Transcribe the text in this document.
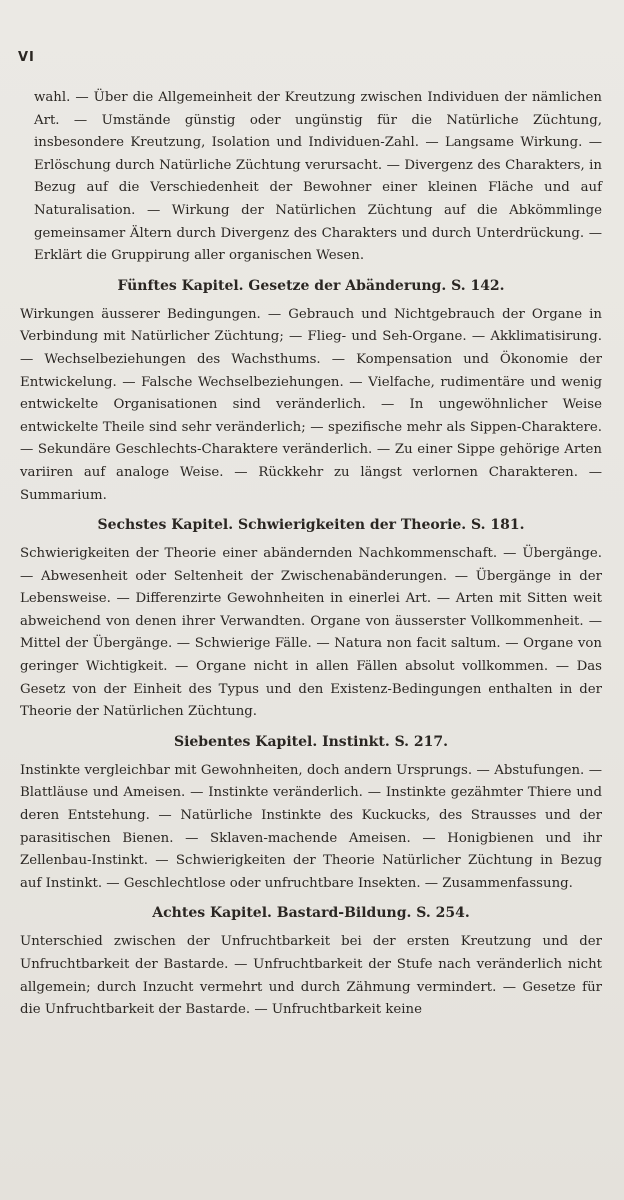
VI

wahl. — Über die Allgemeinheit der Kreutzung zwischen Individuen der nämlichen Art. — Umstände günstig oder ungünstig für die Natürliche Züchtung, insbesondere Kreutzung, Isolation und Individuen-Zahl. — Langsame Wirkung. — Erlöschung durch Natürliche Züchtung verursacht. — Divergenz des Charakters, in Bezug auf die Verschiedenheit der Bewohner einer kleinen Fläche und auf Naturalisation. — Wirkung der Natürlichen Züchtung auf die Abkömmlinge gemeinsamer Ältern durch Divergenz des Charakters und durch Unterdrückung. — Erklärt die Gruppirung aller organischen Wesen.

Fünftes Kapitel. Gesetze der Abänderung. S. 142.

Wirkungen äusserer Bedingungen. — Gebrauch und Nichtgebrauch der Organe in Verbindung mit Natürlicher Züchtung; — Flieg- und Seh-Organe. — Akklimatisirung. — Wechselbeziehungen des Wachsthums. — Kompensation und Ökonomie der Entwickelung. — Falsche Wechselbeziehungen. — Vielfache, rudimentäre und wenig entwickelte Organisationen sind veränderlich. — In ungewöhnlicher Weise entwickelte Theile sind sehr veränderlich; — spezifische mehr als Sippen-Charaktere. — Sekundäre Geschlechts-Charaktere veränderlich. — Zu einer Sippe gehörige Arten variiren auf analoge Weise. — Rückkehr zu längst verlornen Charakteren. — Summarium.

Sechstes Kapitel. Schwierigkeiten der Theorie. S. 181.

Schwierigkeiten der Theorie einer abändernden Nachkommenschaft. — Übergänge. — Abwesenheit oder Seltenheit der Zwischenabänderungen. — Übergänge in der Lebensweise. — Differenzirte Gewohnheiten in einerlei Art. — Arten mit Sitten weit abweichend von denen ihrer Verwandten. Organe von äusserster Vollkommenheit. — Mittel der Übergänge. — Schwierige Fälle. — Natura non facit saltum. — Organe von geringer Wichtigkeit. — Organe nicht in allen Fällen absolut vollkommen. — Das Gesetz von der Einheit des Typus und den Existenz-Bedingungen enthalten in der Theorie der Natürlichen Züchtung.

Siebentes Kapitel. Instinkt. S. 217.

Instinkte vergleichbar mit Gewohnheiten, doch andern Ursprungs. — Abstufungen. — Blattläuse und Ameisen. — Instinkte veränderlich. — Instinkte gezähmter Thiere und deren Entstehung. — Natürliche Instinkte des Kuckucks, des Strausses und der parasitischen Bienen. — Sklaven-machende Ameisen. — Honigbienen und ihr Zellenbau-Instinkt. — Schwierigkeiten der Theorie Natürlicher Züchtung in Bezug auf Instinkt. — Geschlechtlose oder unfruchtbare Insekten. — Zusammenfassung.

Achtes Kapitel. Bastard-Bildung. S. 254.

Unterschied zwischen der Unfruchtbarkeit bei der ersten Kreutzung und der Unfruchtbarkeit der Bastarde. — Unfruchtbarkeit der Stufe nach veränderlich nicht allgemein; durch Inzucht vermehrt und durch Zähmung vermindert. — Gesetze für die Unfruchtbarkeit der Bastarde. — Unfruchtbarkeit keine
